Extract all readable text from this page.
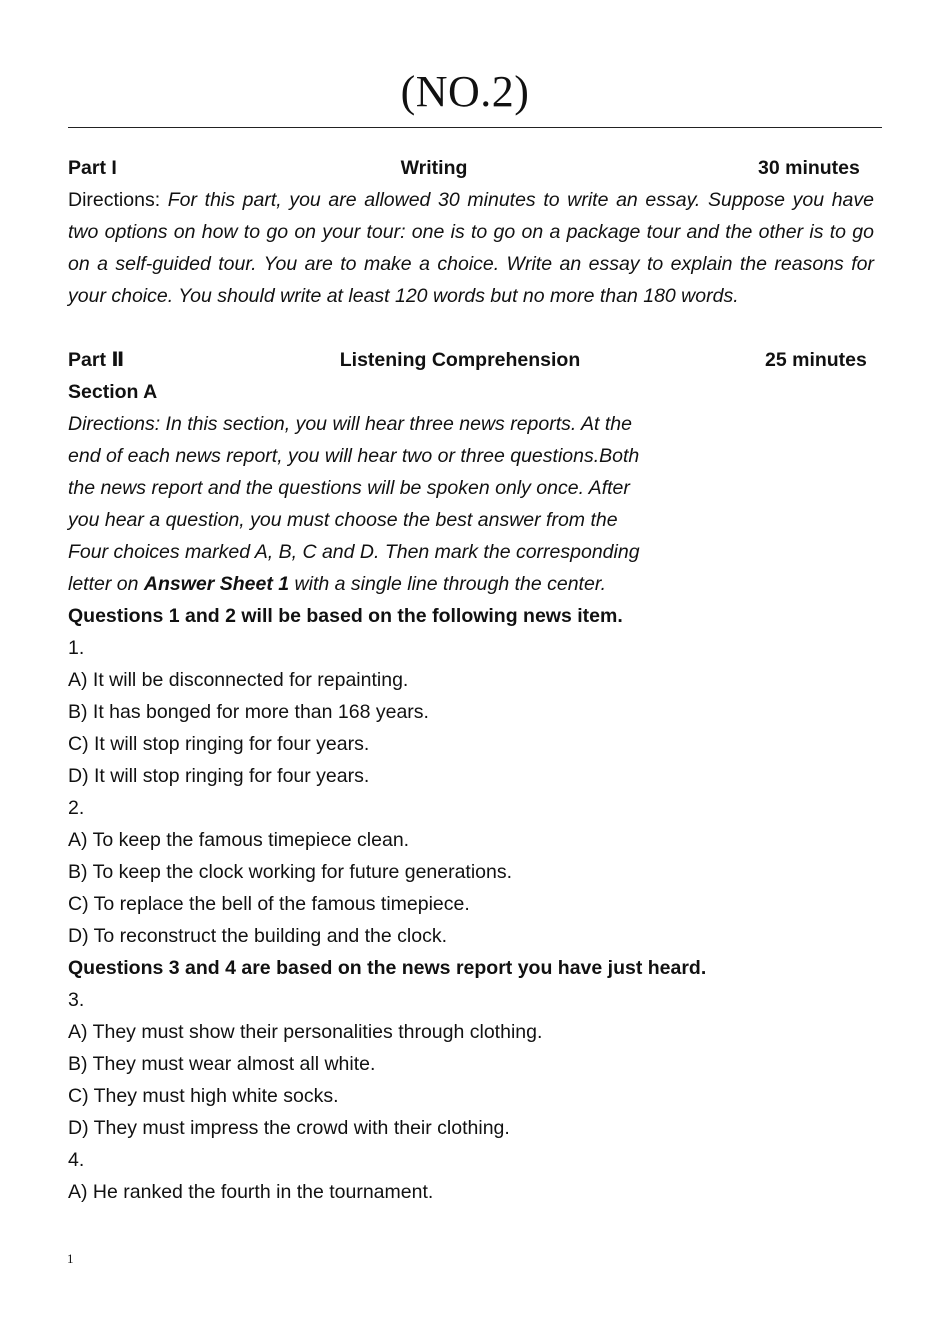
(NO.2)
Part I	Writing	30 minutes
Directions: For this part, you are allowed 30 minutes to write an essay. Suppose you have two options on how to go on your tour: one is to go on a package tour and the other is to go on a self-guided tour. You are to make a choice. Write an essay to explain the reasons for your choice. You should write at least 120 words but no more than 180 words.
Part Ⅱ	Listening Comprehension	25 minutes
Section A
Directions: In this section, you will hear three news reports. At the
end of each news report, you will hear two or three questions.Both
the news report and the questions will be spoken only once. After
you hear a question, you must choose the best answer from the
Four choices marked A, B, C and D. Then mark the corresponding
letter on Answer Sheet 1 with a single line through the center.
Questions 1 and 2 will be based on the following news item.
1.
A) It will be disconnected for repainting.
B) It has bonged for more than 168 years.
C) It will stop ringing for four years.
D) It will stop ringing for four years.
2.
A) To keep the famous timepiece clean.
B) To keep the clock working for future generations.
C) To replace the bell of the famous timepiece.
D) To reconstruct the building and the clock.
Questions 3 and 4 are based on the news report you have just heard.
3.
A) They must show their personalities through clothing.
B) They must wear almost all white.
C) They must high white socks.
D) They must impress the crowd with their clothing.
4.
A) He ranked the fourth in the tournament.
1
